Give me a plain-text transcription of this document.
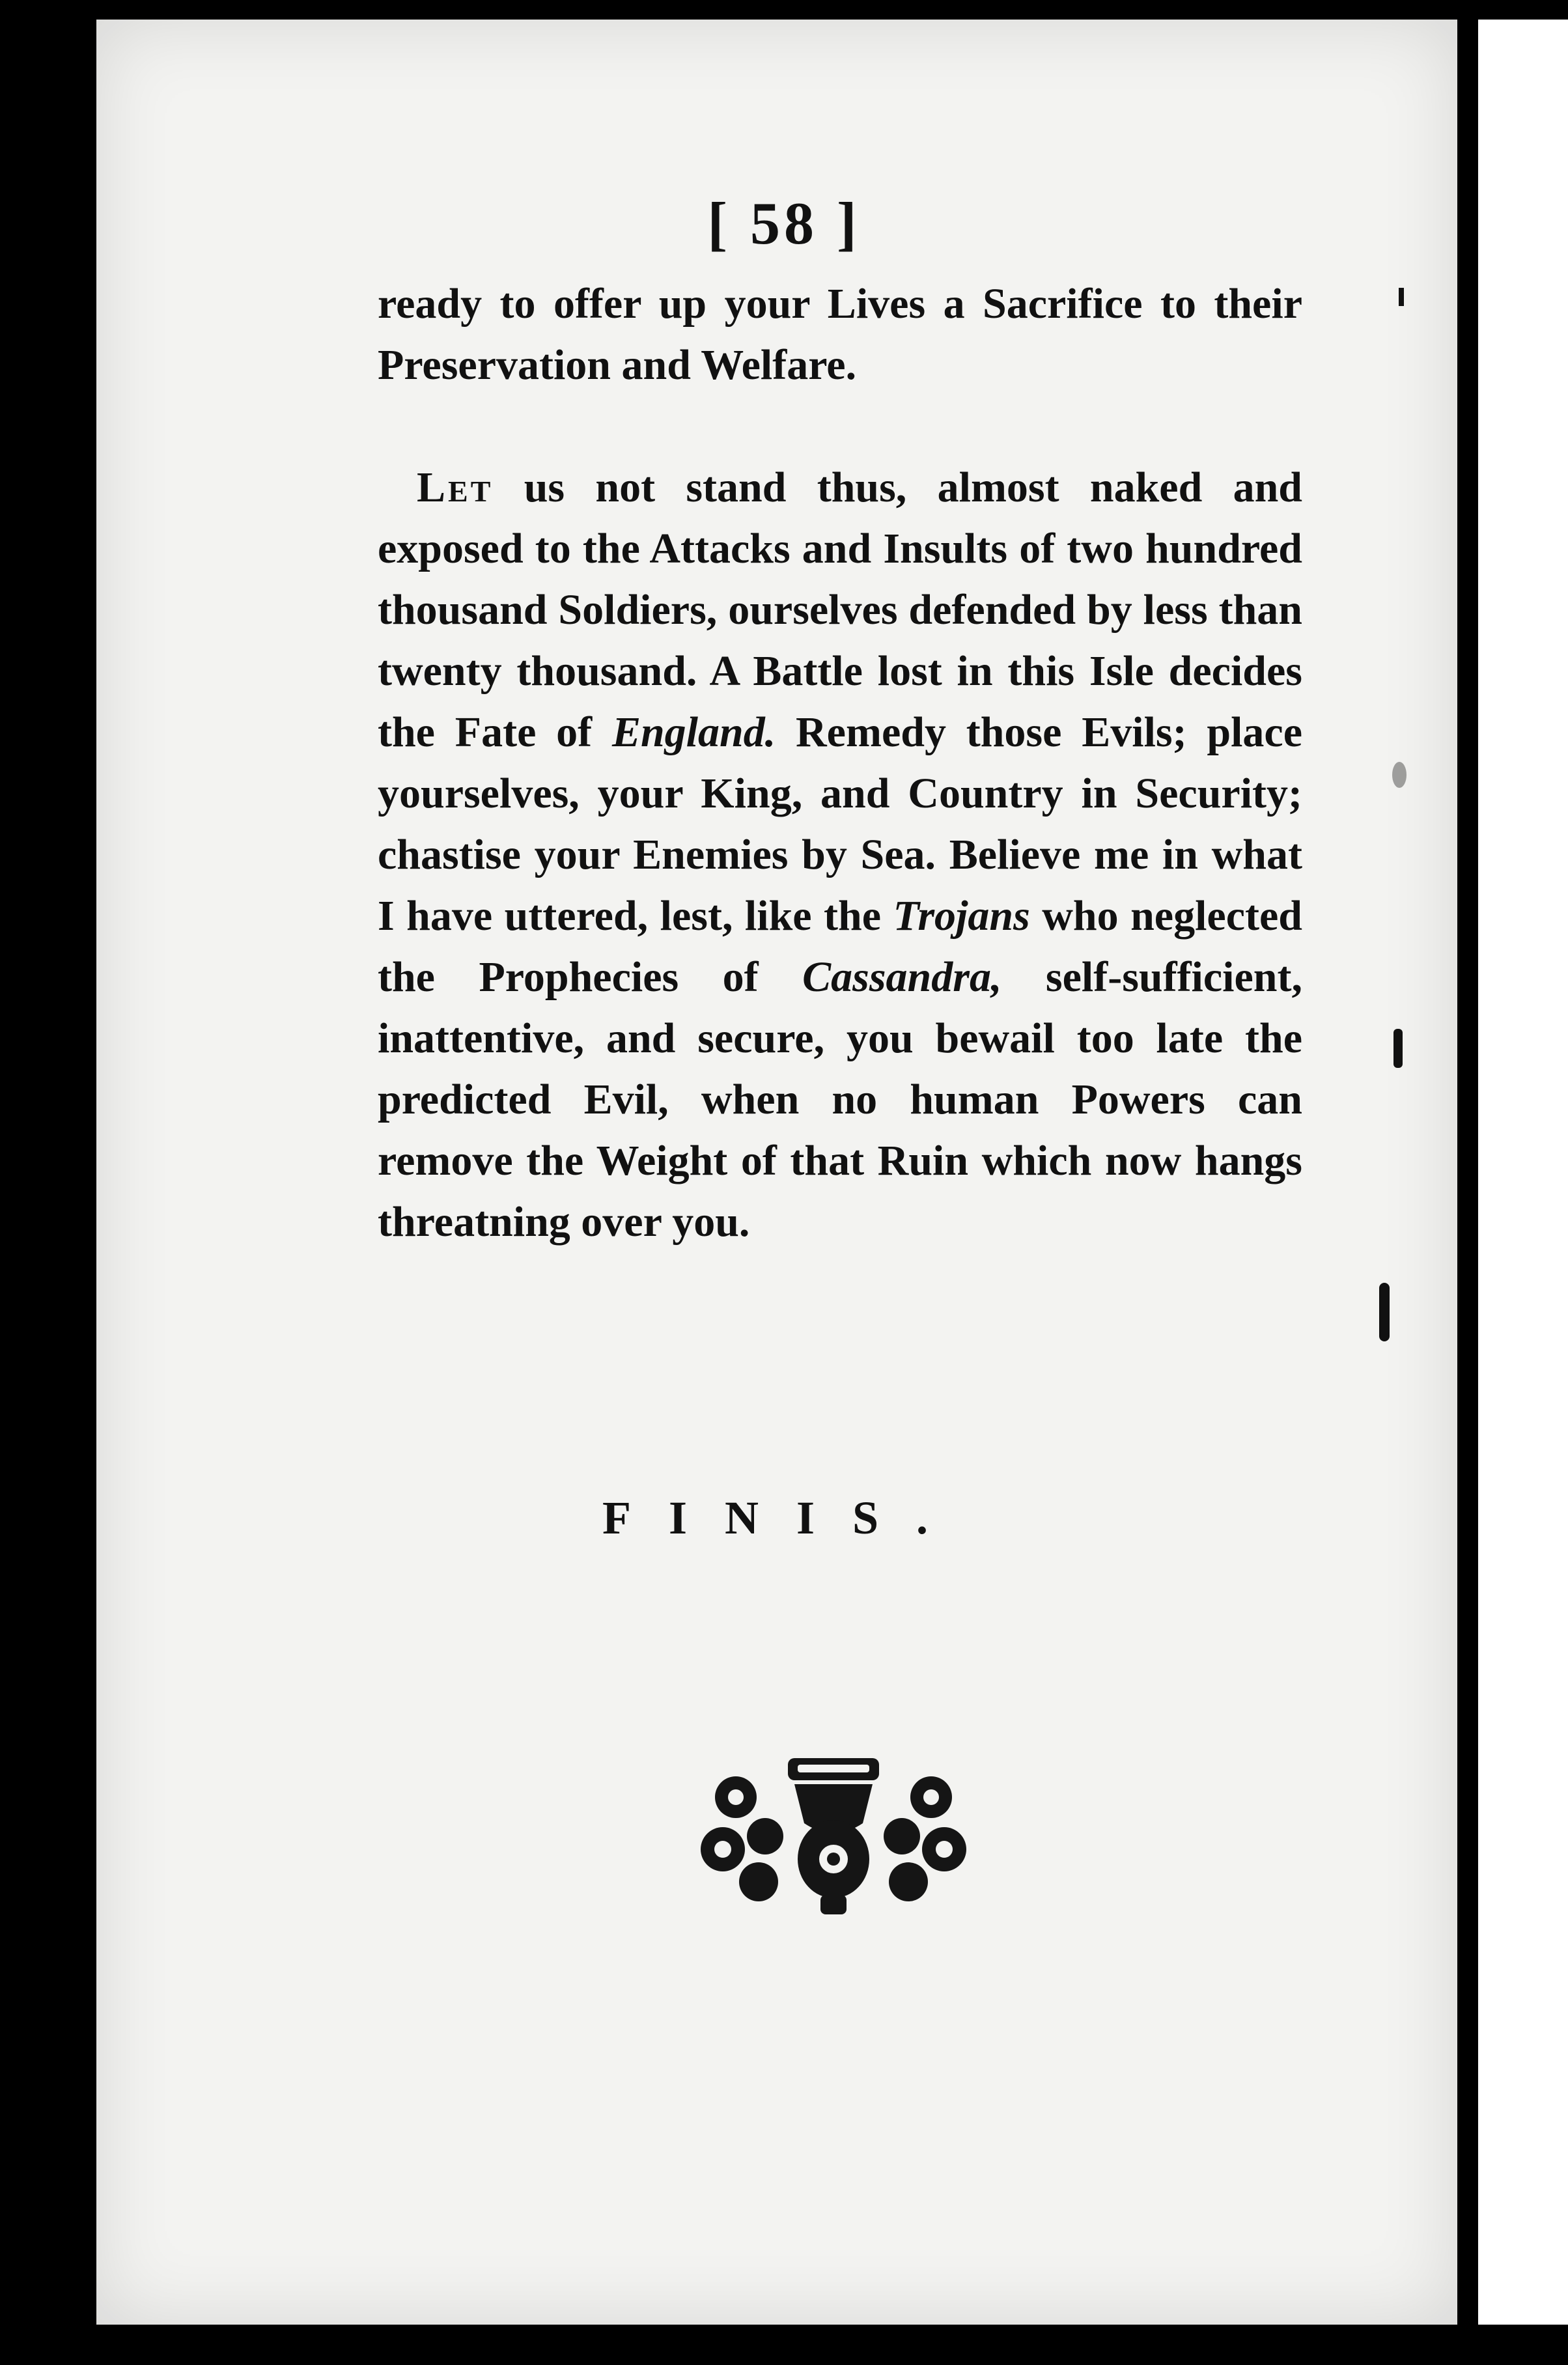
[ 58 ]

ready to offer up your Lives a Sacrifice to their Preservation and Welfare.

Let us not stand thus, almost naked and exposed to the Attacks and Insults of two hundred thousand Soldiers, ourselves defended by less than twenty thousand. A Battle lost in this Isle decides the Fate of England. Remedy those Evils; place yourselves, your King, and Country in Security; chastise your Enemies by Sea. Believe me in what I have uttered, lest, like the Trojans who neglected the Prophecies of Cassandra, self-sufficient, inattentive, and secure, you bewail too late the predicted Evil, when no human Powers can remove the Weight of that Ruin which now hangs threatning over you.

FINIS.
